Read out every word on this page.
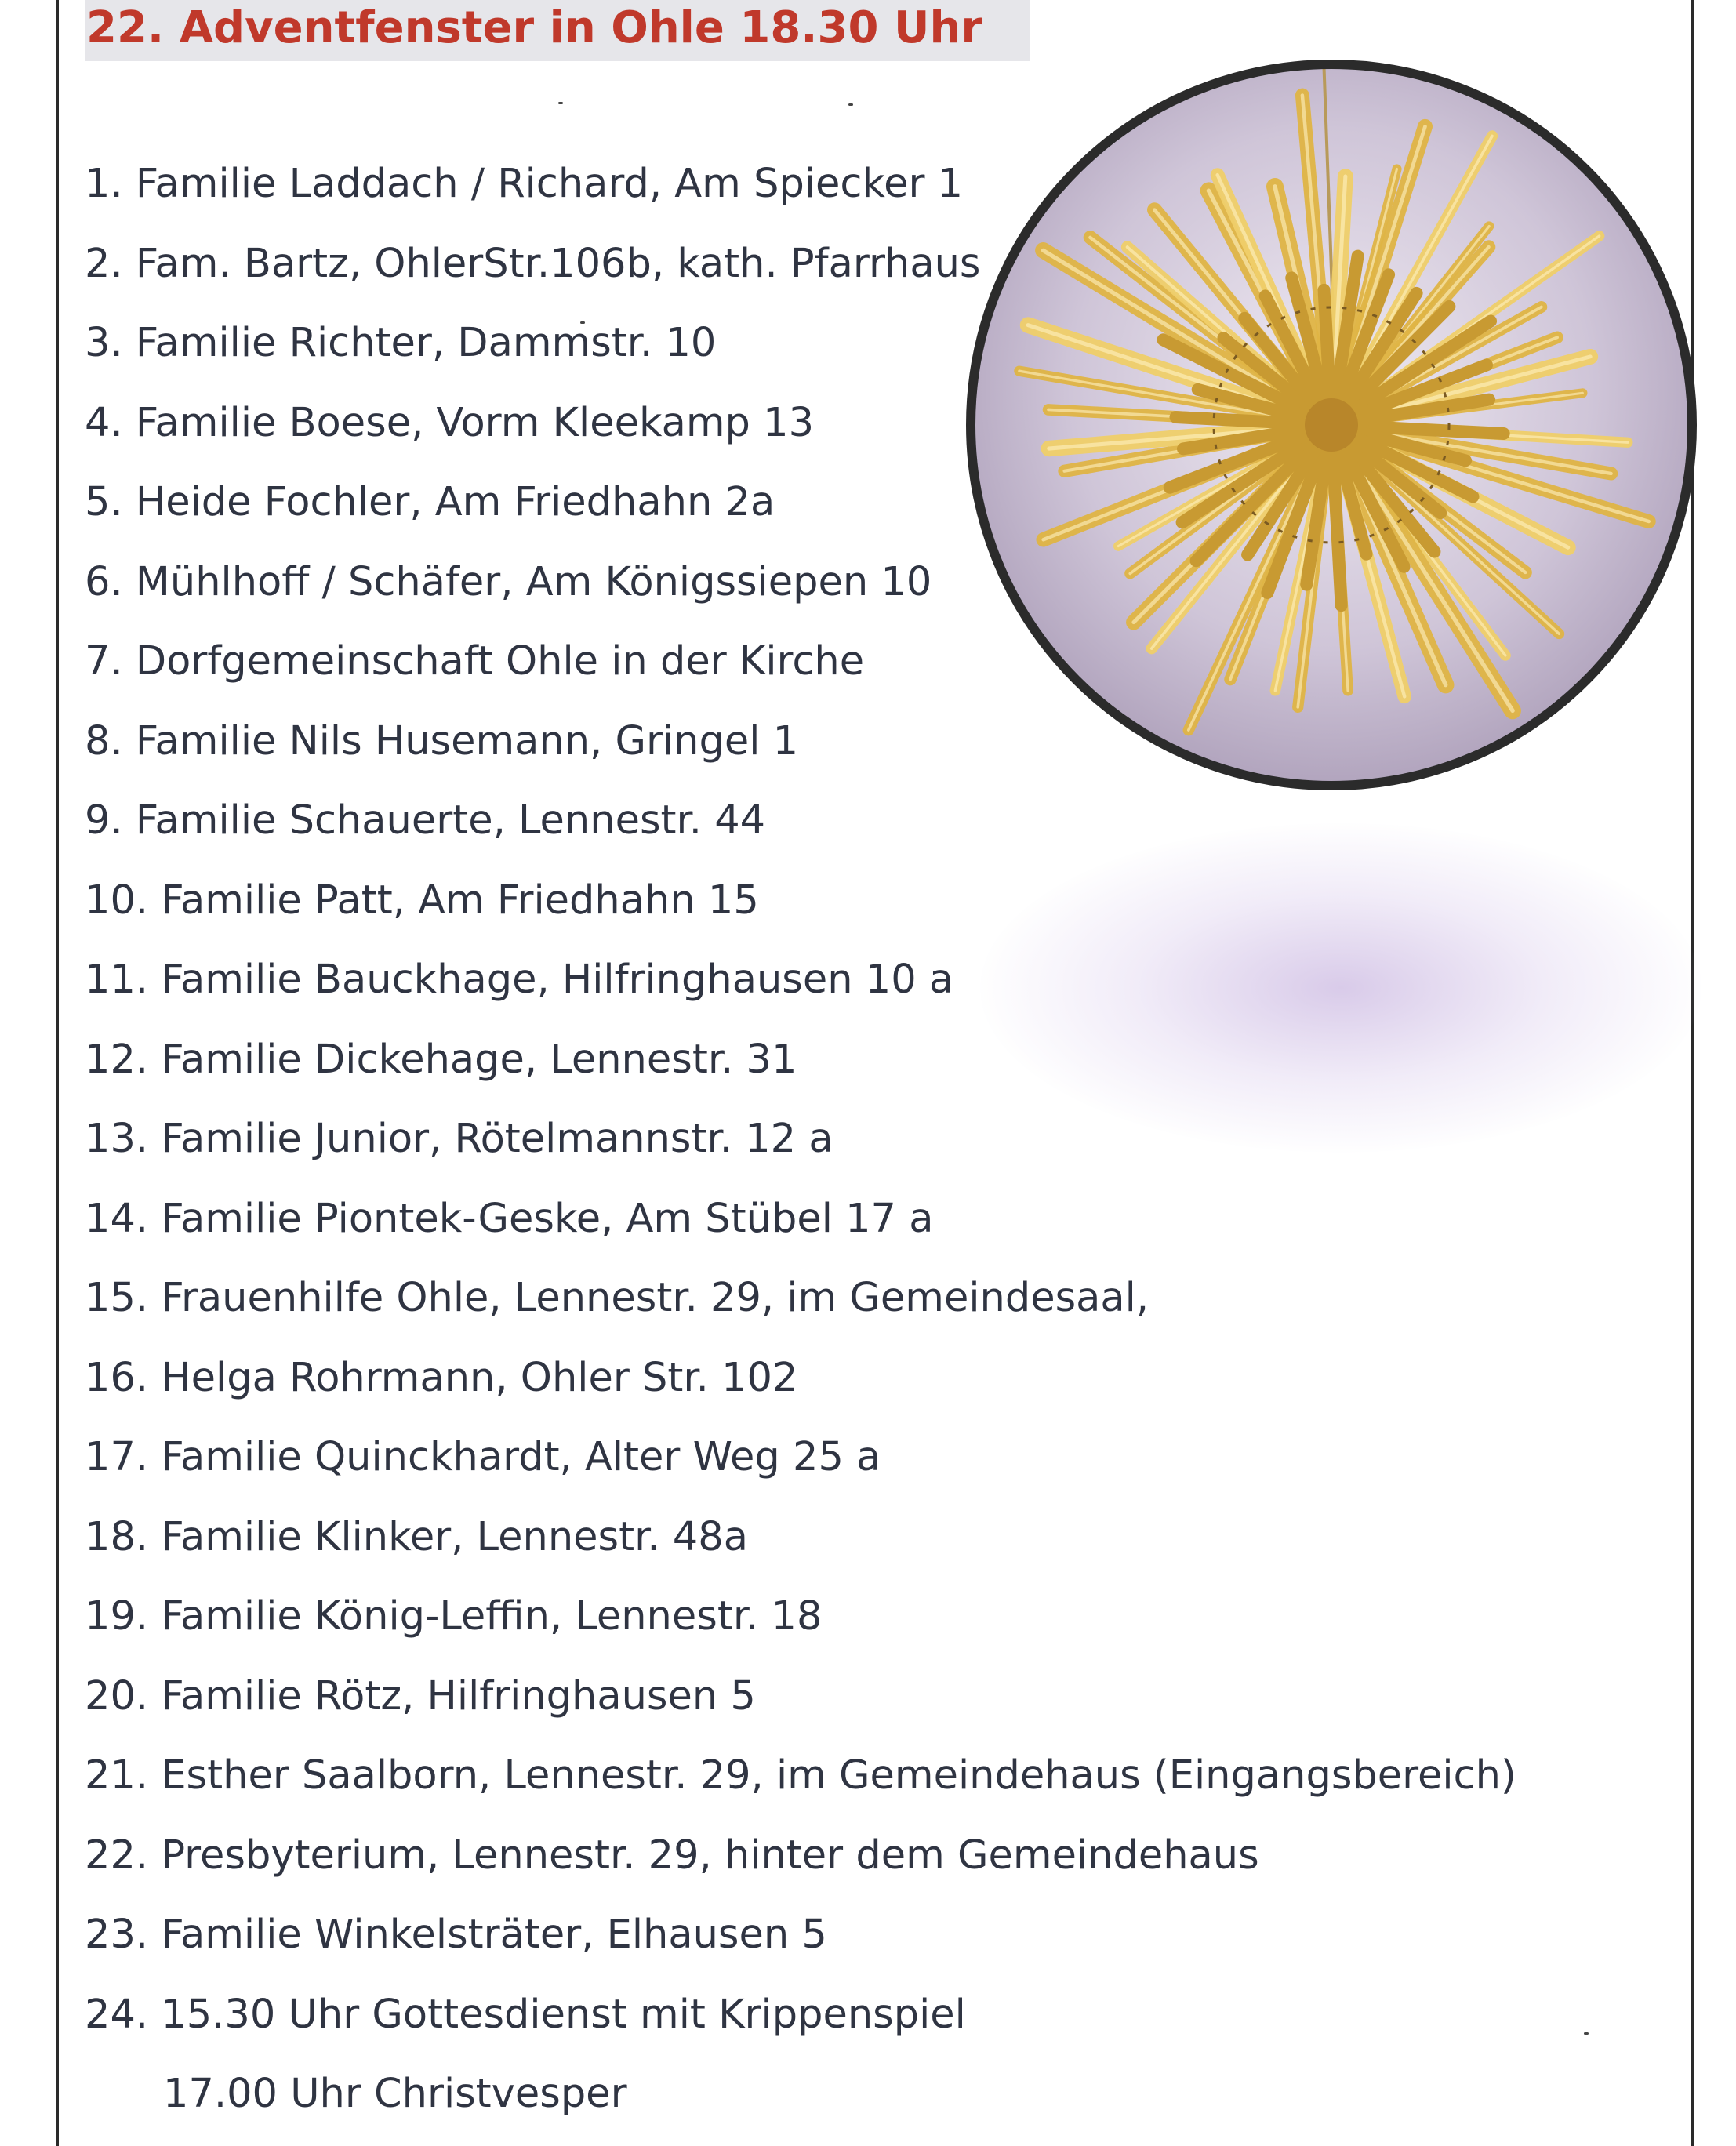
22. Adventfenster in Ohle 18.30 Uhr
1. Familie Laddach / Richard, Am Spiecker 1
2. Fam. Bartz, OhlerStr.106b, kath. Pfarrhaus
3. Familie Richter, Dammstr. 10
4. Familie Boese, Vorm Kleekamp 13
5. Heide Fochler, Am Friedhahn 2a
6. Mühlhoff / Schäfer, Am Königssiepen 10
7. Dorfgemeinschaft Ohle in der Kirche
8. Familie Nils Husemann, Gringel 1
9. Familie Schauerte, Lennestr. 44
10. Familie Patt, Am Friedhahn 15
11. Familie Bauckhage, Hilfringhausen 10 a
12. Familie Dickehage, Lennestr. 31
13. Familie Junior, Rötelmannstr. 12 a
14. Familie Piontek-Geske, Am Stübel 17 a
15. Frauenhilfe Ohle, Lennestr. 29, im Gemeindesaal,
16. Helga Rohrmann, Ohler Str. 102
17. Familie Quinckhardt, Alter Weg 25 a
18. Familie Klinker, Lennestr. 48a
19. Familie König-Leffin, Lennestr. 18
20. Familie Rötz, Hilfringhausen 5
21. Esther Saalborn, Lennestr. 29, im Gemeindehaus (Eingangsbereich)
22. Presbyterium, Lennestr. 29, hinter dem Gemeindehaus
23. Familie Winkelsträter, Elhausen 5
24. 15.30 Uhr Gottesdienst mit Krippenspiel
17.00 Uhr Christvesper
